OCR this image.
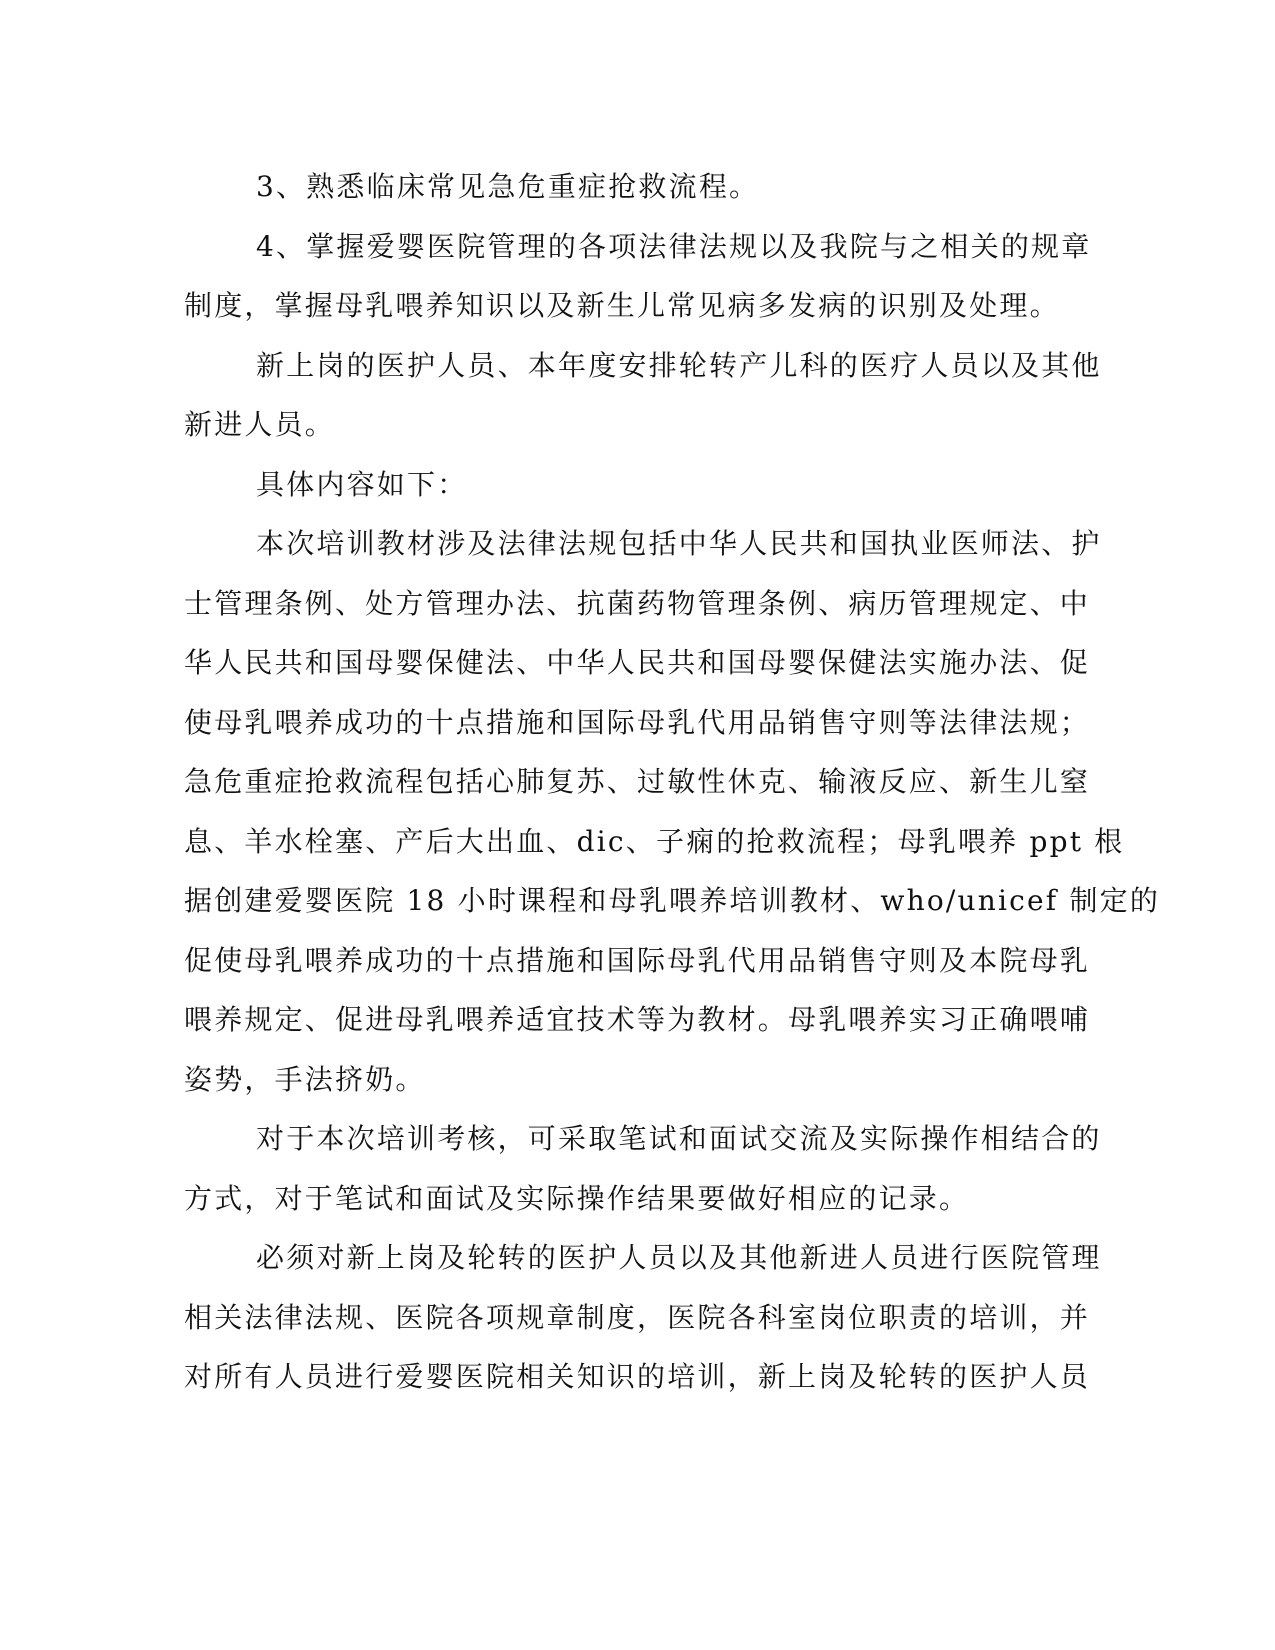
3、熟悉临床常见急危重症抢救流程。
4、掌握爱婴医院管理的各项法律法规以及我院与之相关的规章
制度，掌握母乳喂养知识以及新生儿常见病多发病的识别及处理。
新上岗的医护人员、本年度安排轮转产儿科的医疗人员以及其他
新进人员。
具体内容如下：
本次培训教材涉及法律法规包括中华人民共和国执业医师法、护
士管理条例、处方管理办法、抗菌药物管理条例、病历管理规定、中
华人民共和国母婴保健法、中华人民共和国母婴保健法实施办法、促
使母乳喂养成功的十点措施和国际母乳代用品销售守则等法律法规；
急危重症抢救流程包括心肺复苏、过敏性休克、输液反应、新生儿窒
息、羊水栓塞、产后大出血、dic、子痫的抢救流程；母乳喂养 ppt 根
据创建爱婴医院 18 小时课程和母乳喂养培训教材、who/unicef 制定的
促使母乳喂养成功的十点措施和国际母乳代用品销售守则及本院母乳
喂养规定、促进母乳喂养适宜技术等为教材。母乳喂养实习正确喂哺
姿势，手法挤奶。
对于本次培训考核，可采取笔试和面试交流及实际操作相结合的
方式，对于笔试和面试及实际操作结果要做好相应的记录。
必须对新上岗及轮转的医护人员以及其他新进人员进行医院管理
相关法律法规、医院各项规章制度，医院各科室岗位职责的培训，并
对所有人员进行爱婴医院相关知识的培训，新上岗及轮转的医护人员
